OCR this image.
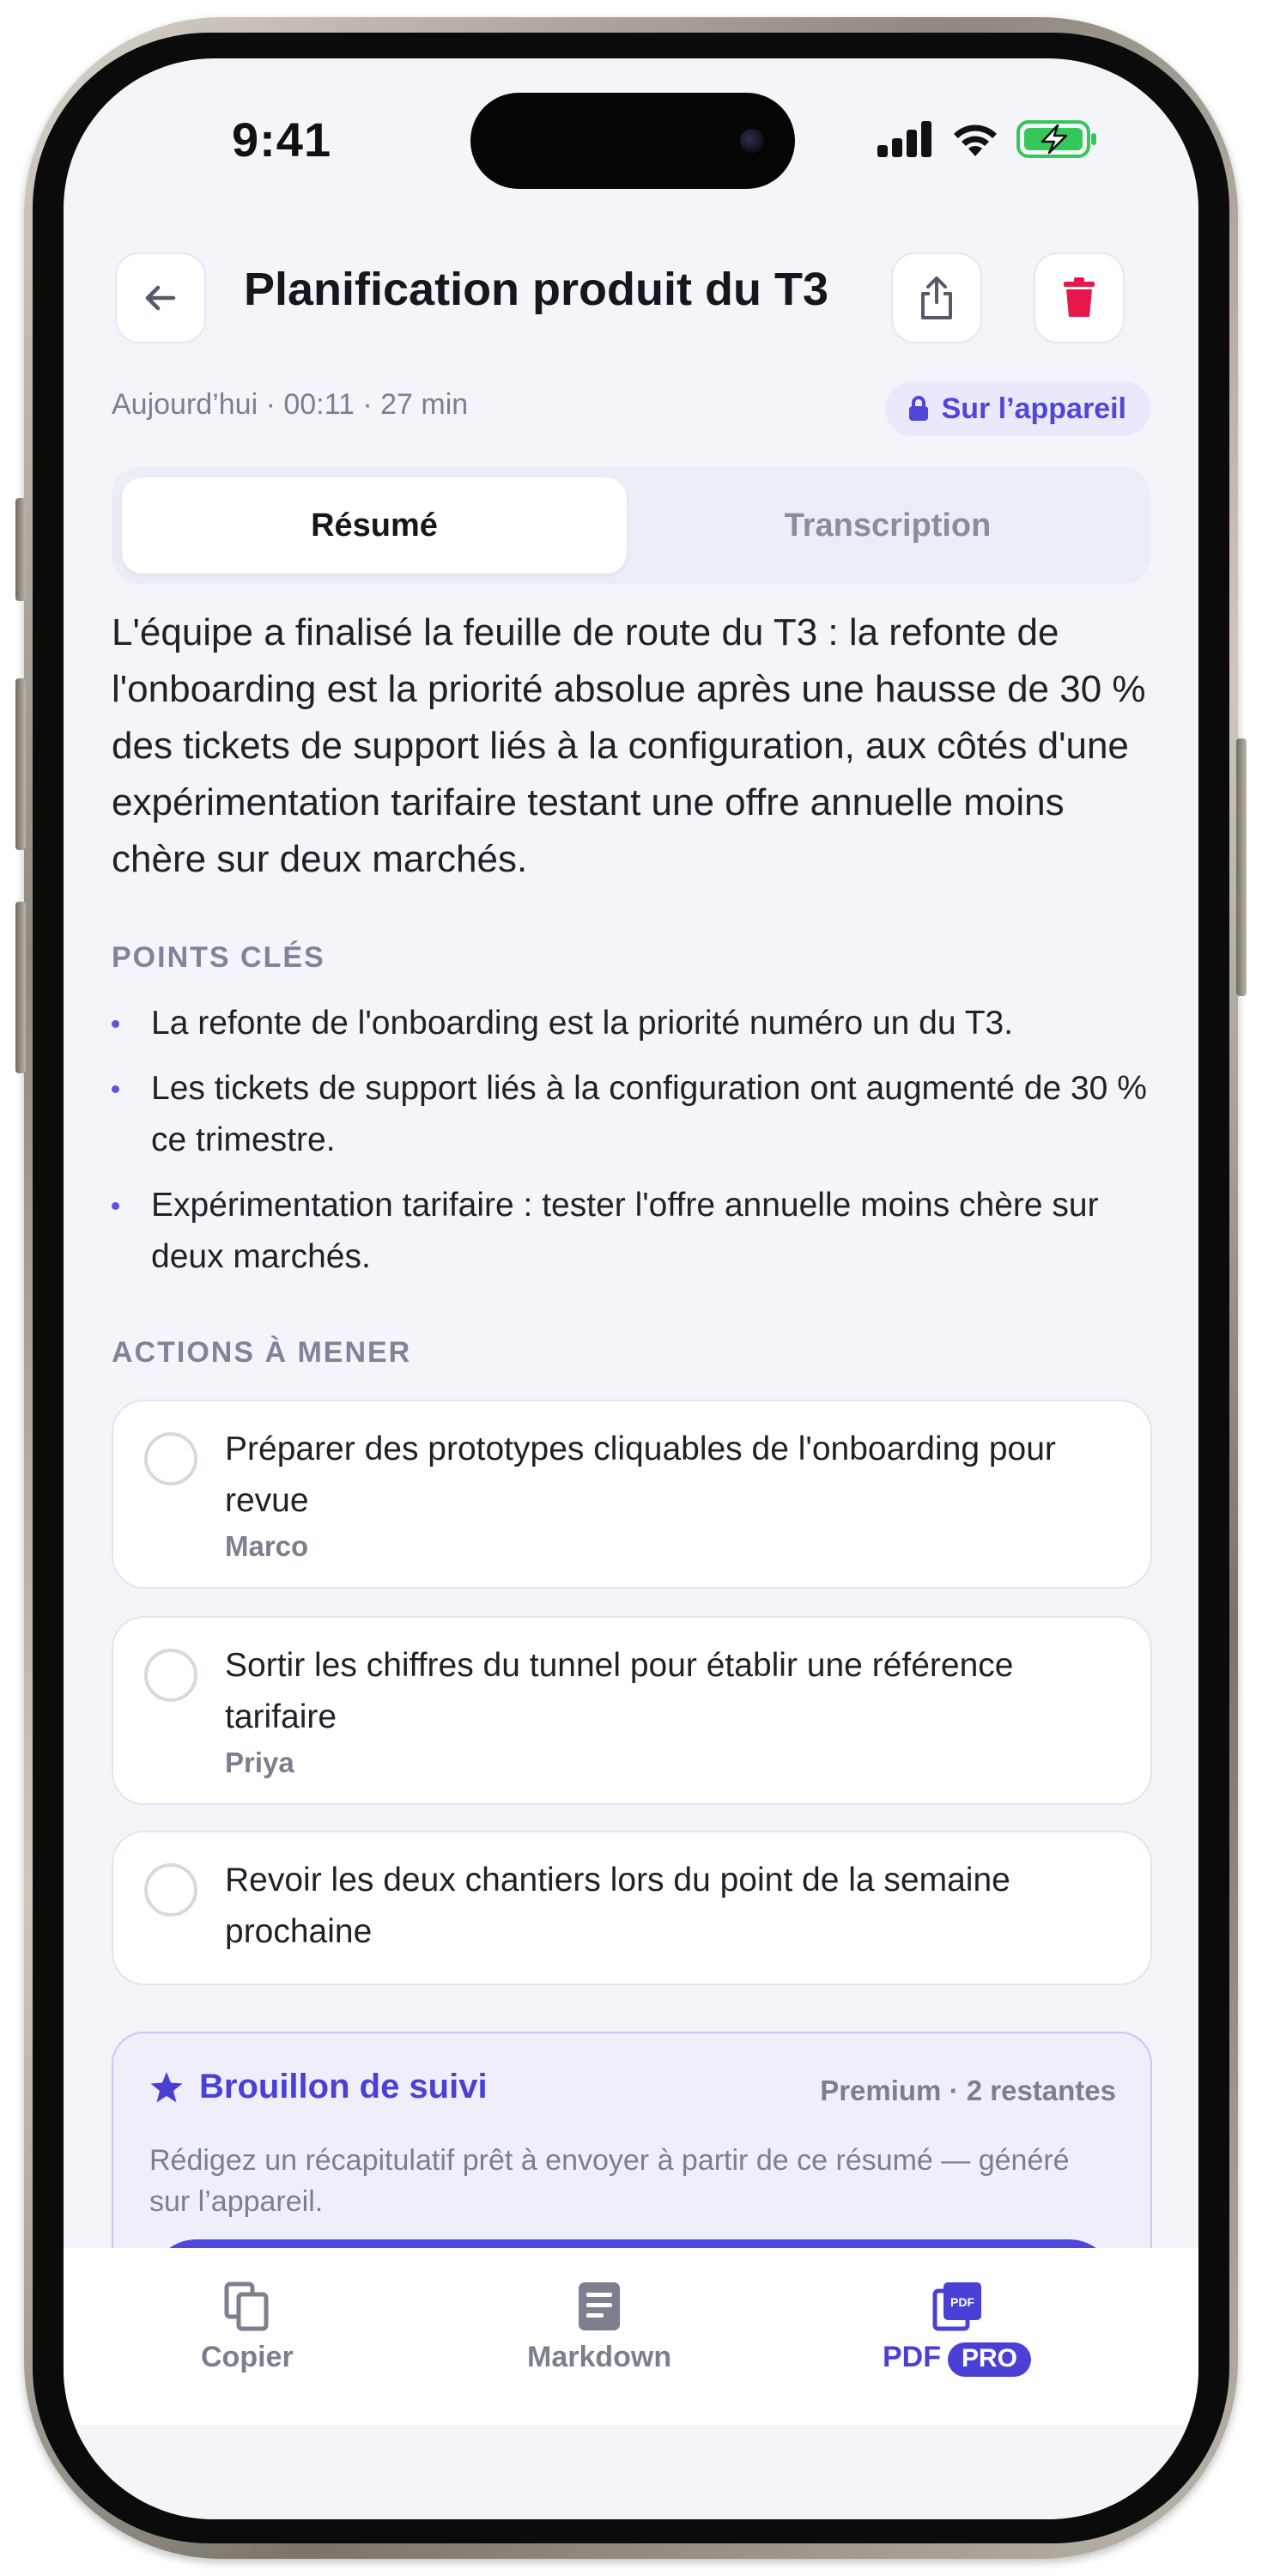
9:41
Planification produit du T3
Aujourd’hui · 00:11 · 27 min	Sur l’appareil
Résumé	Transcription
L'équipe a finalisé la feuille de route du T3 : la refonte de l'onboarding est la priorité absolue après une hausse de 30 % des tickets de support liés à la configuration, aux côtés d'une expérimentation tarifaire testant une offre annuelle moins chère sur deux marchés.
POINTS CLÉS
La refonte de l'onboarding est la priorité numéro un du T3.
Les tickets de support liés à la configuration ont augmenté de 30 % ce trimestre.
Expérimentation tarifaire : tester l'offre annuelle moins chère sur deux marchés.
ACTIONS À MENER
Préparer des prototypes cliquables de l'onboarding pour revue
Marco
Sortir les chiffres du tunnel pour établir une référence tarifaire
Priya
Revoir les deux chantiers lors du point de la semaine prochaine
Brouillon de suivi	Premium · 2 restantes
Rédigez un récapitulatif prêt à envoyer à partir de ce résumé — généré sur l’appareil.
Copier	Markdown
PDF
PDF PRO
